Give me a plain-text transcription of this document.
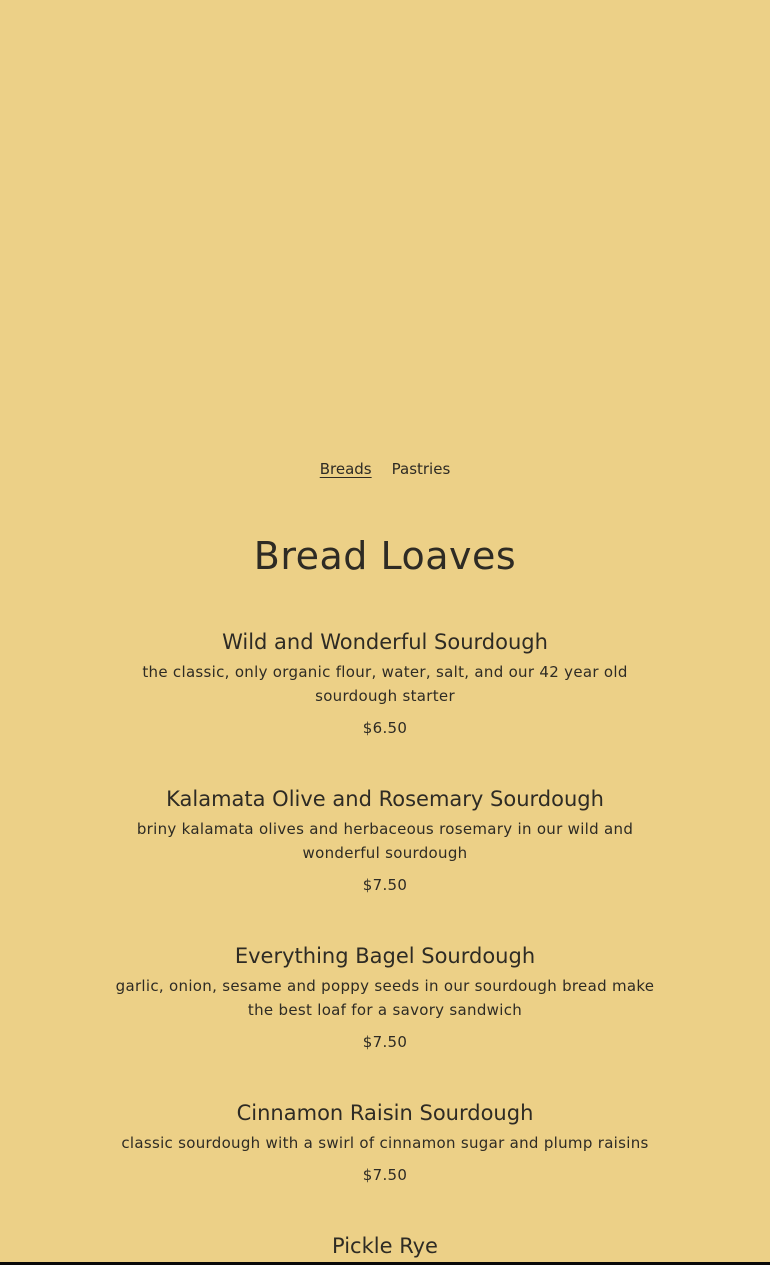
Breads Pastries
Bread Loaves
Wild and Wonderful Sourdough

the classic, only organic flour, water, salt, and our 42 year old sourdough starter

$6.50

Kalamata Olive and Rosemary Sourdough

briny kalamata olives and herbaceous rosemary in our wild and wonderful sourdough

$7.50

Everything Bagel Sourdough

garlic, onion, sesame and poppy seeds in our sourdough bread make the best loaf for a savory sandwich

$7.50

Cinnamon Raisin Sourdough

classic sourdough with a swirl of cinnamon sugar and plump raisins

$7.50

Pickle Rye
